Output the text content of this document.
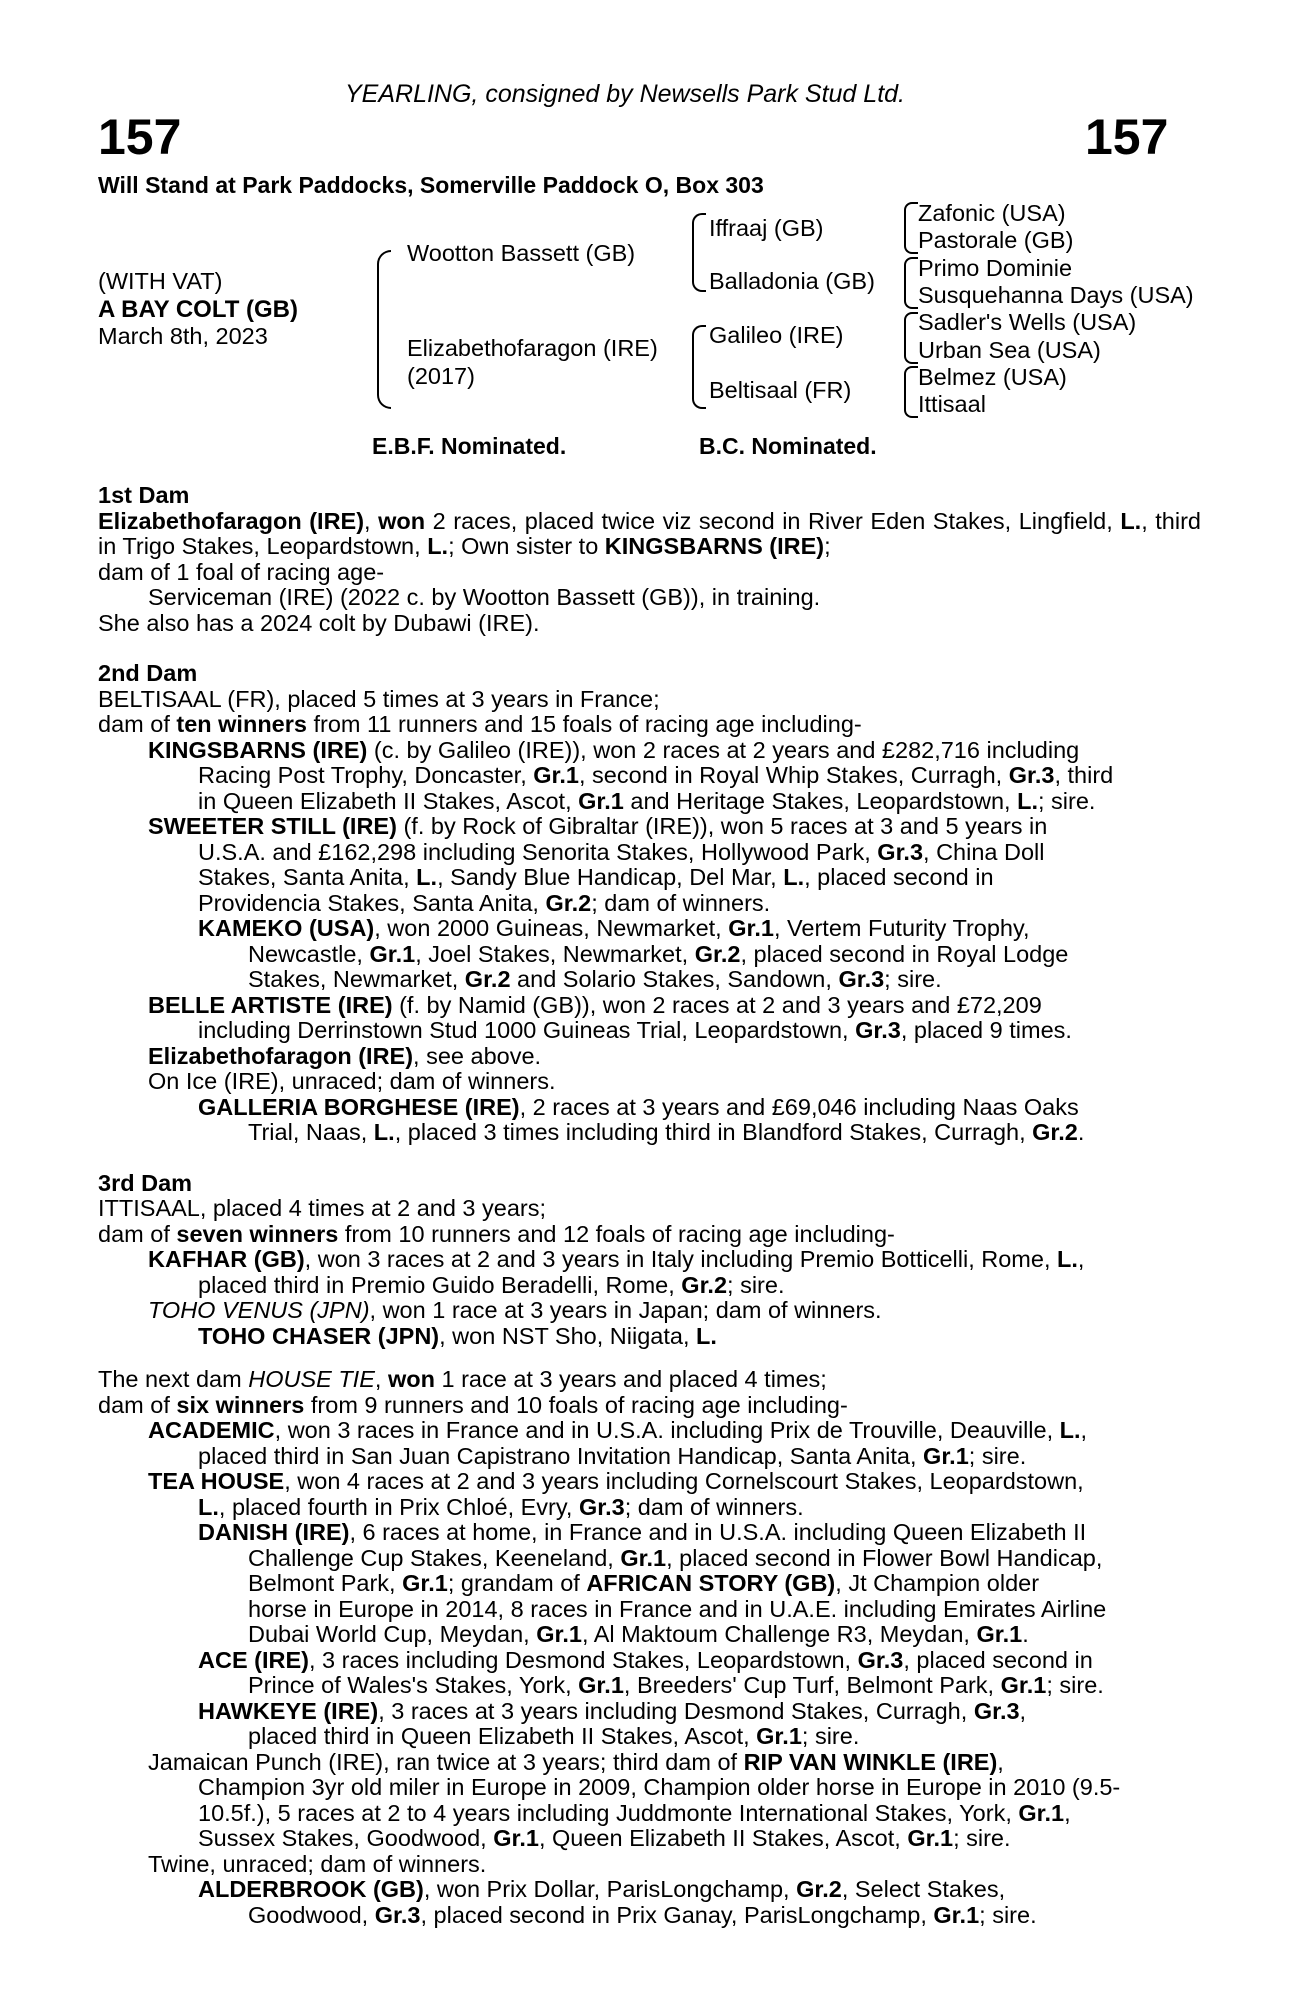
157	157
YEARLING, consigned by Newsells Park Stud Ltd.
Will Stand at Park Paddocks, Somerville Paddock O, Box 303
(WITH VAT)
A BAY COLT (GB)
March 8th, 2023
Wootton Bassett (GB)
Elizabethofaragon (IRE)
(2017)
Iffraaj (GB)
Balladonia (GB)
Galileo (IRE)
Beltisaal (FR)
Zafonic (USA)
Pastorale (GB)
Primo Dominie
Susquehanna Days (USA)
Sadler's Wells (USA)
Urban Sea (USA)
Belmez (USA)
Ittisaal
E.B.F. Nominated.	B.C. Nominated.

1st Dam

Elizabethofaragon (IRE), won 2 races, placed twice viz second in River Eden Stakes, Lingfield, L., third in Trigo Stakes, Leopardstown, L.; Own sister to KINGSBARNS (IRE);

dam of 1 foal of racing age-

Serviceman (IRE) (2022 c. by Wootton Bassett (GB)), in training.

She also has a 2024 colt by Dubawi (IRE).

2nd Dam

BELTISAAL (FR), placed 5 times at 3 years in France;

dam of ten winners from 11 runners and 15 foals of racing age including-

KINGSBARNS (IRE) (c. by Galileo (IRE)), won 2 races at 2 years and £282,716 including

Racing Post Trophy, Doncaster, Gr.1, second in Royal Whip Stakes, Curragh, Gr.3, third

in Queen Elizabeth II Stakes, Ascot, Gr.1 and Heritage Stakes, Leopardstown, L.; sire.

SWEETER STILL (IRE) (f. by Rock of Gibraltar (IRE)), won 5 races at 3 and 5 years in

U.S.A. and £162,298 including Senorita Stakes, Hollywood Park, Gr.3, China Doll

Stakes, Santa Anita, L., Sandy Blue Handicap, Del Mar, L., placed second in

Providencia Stakes, Santa Anita, Gr.2; dam of winners.

KAMEKO (USA), won 2000 Guineas, Newmarket, Gr.1, Vertem Futurity Trophy,

Newcastle, Gr.1, Joel Stakes, Newmarket, Gr.2, placed second in Royal Lodge

Stakes, Newmarket, Gr.2 and Solario Stakes, Sandown, Gr.3; sire.

BELLE ARTISTE (IRE) (f. by Namid (GB)), won 2 races at 2 and 3 years and £72,209

including Derrinstown Stud 1000 Guineas Trial, Leopardstown, Gr.3, placed 9 times.

Elizabethofaragon (IRE), see above.

On Ice (IRE), unraced; dam of winners.

GALLERIA BORGHESE (IRE), 2 races at 3 years and £69,046 including Naas Oaks

Trial, Naas, L., placed 3 times including third in Blandford Stakes, Curragh, Gr.2.

3rd Dam

ITTISAAL, placed 4 times at 2 and 3 years;

dam of seven winners from 10 runners and 12 foals of racing age including-

KAFHAR (GB), won 3 races at 2 and 3 years in Italy including Premio Botticelli, Rome, L.,

placed third in Premio Guido Beradelli, Rome, Gr.2; sire.

TOHO VENUS (JPN), won 1 race at 3 years in Japan; dam of winners.

TOHO CHASER (JPN), won NST Sho, Niigata, L.

The next dam HOUSE TIE, won 1 race at 3 years and placed 4 times;

dam of six winners from 9 runners and 10 foals of racing age including-

ACADEMIC, won 3 races in France and in U.S.A. including Prix de Trouville, Deauville, L.,

placed third in San Juan Capistrano Invitation Handicap, Santa Anita, Gr.1; sire.

TEA HOUSE, won 4 races at 2 and 3 years including Cornelscourt Stakes, Leopardstown,

L., placed fourth in Prix Chloé, Evry, Gr.3; dam of winners.

DANISH (IRE), 6 races at home, in France and in U.S.A. including Queen Elizabeth II

Challenge Cup Stakes, Keeneland, Gr.1, placed second in Flower Bowl Handicap,

Belmont Park, Gr.1; grandam of AFRICAN STORY (GB), Jt Champion older

horse in Europe in 2014, 8 races in France and in U.A.E. including Emirates Airline

Dubai World Cup, Meydan, Gr.1, Al Maktoum Challenge R3, Meydan, Gr.1.

ACE (IRE), 3 races including Desmond Stakes, Leopardstown, Gr.3, placed second in

Prince of Wales's Stakes, York, Gr.1, Breeders' Cup Turf, Belmont Park, Gr.1; sire.

HAWKEYE (IRE), 3 races at 3 years including Desmond Stakes, Curragh, Gr.3,

placed third in Queen Elizabeth II Stakes, Ascot, Gr.1; sire.

Jamaican Punch (IRE), ran twice at 3 years; third dam of RIP VAN WINKLE (IRE),

Champion 3yr old miler in Europe in 2009, Champion older horse in Europe in 2010 (9.5-

10.5f.), 5 races at 2 to 4 years including Juddmonte International Stakes, York, Gr.1,

Sussex Stakes, Goodwood, Gr.1, Queen Elizabeth II Stakes, Ascot, Gr.1; sire.

Twine, unraced; dam of winners.

ALDERBROOK (GB), won Prix Dollar, ParisLongchamp, Gr.2, Select Stakes,

Goodwood, Gr.3, placed second in Prix Ganay, ParisLongchamp, Gr.1; sire.
